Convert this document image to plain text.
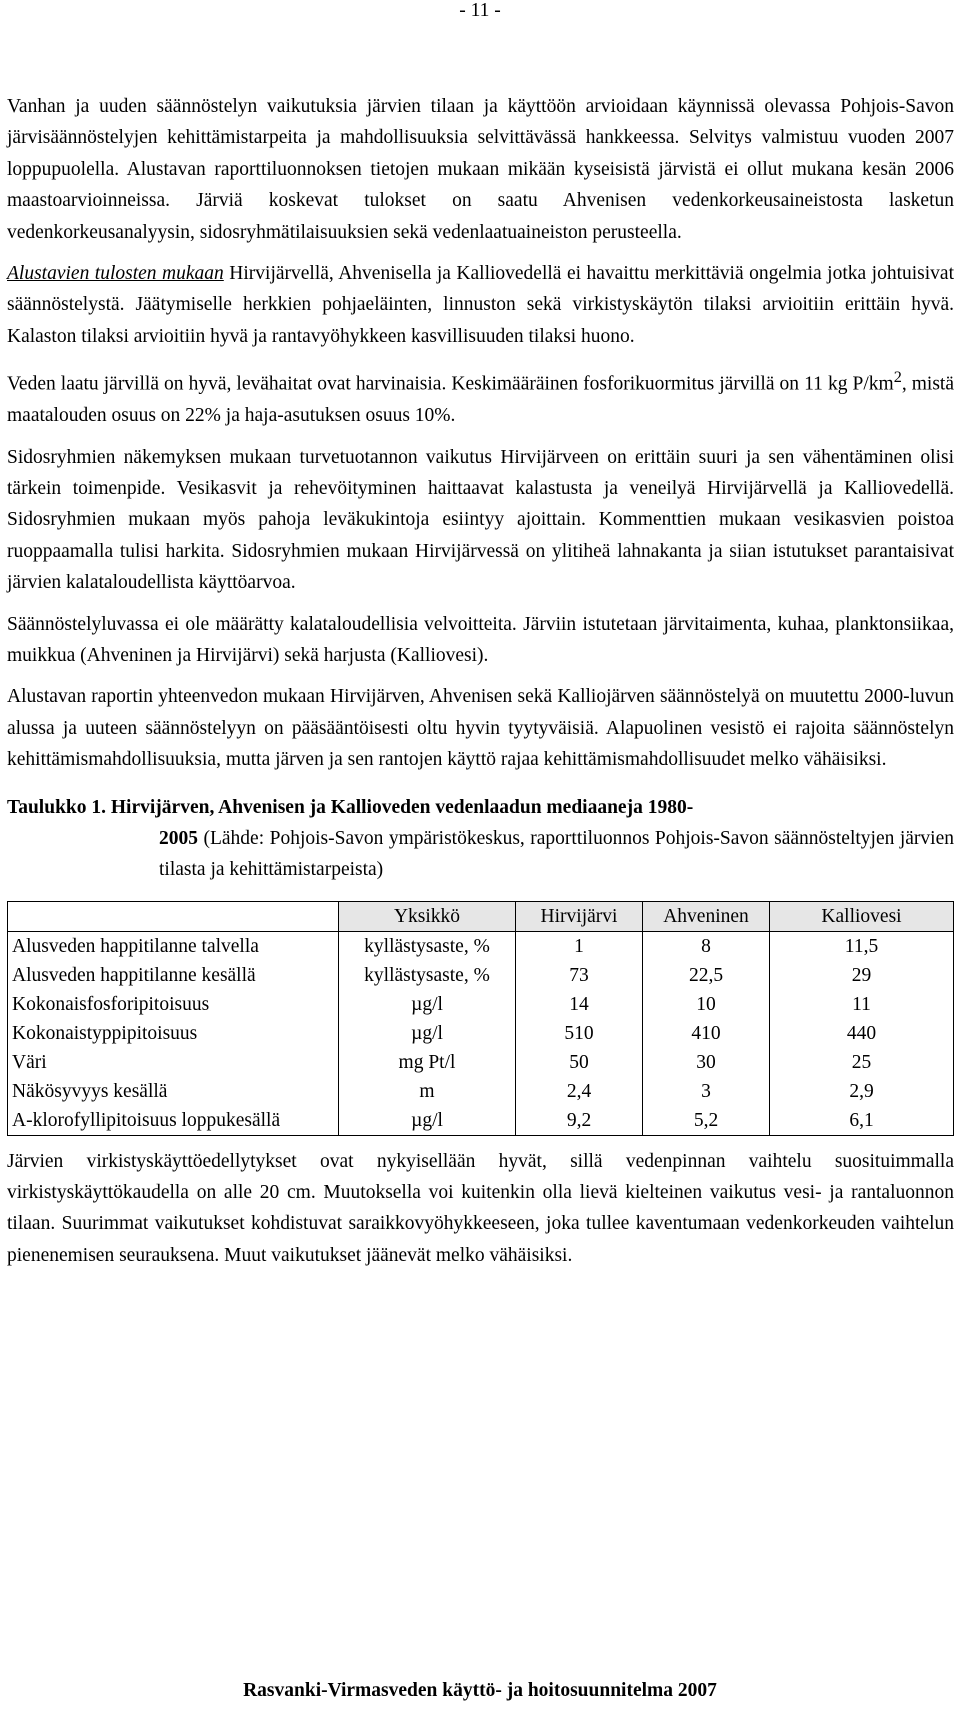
- 11 -

Vanhan ja uuden säännöstelyn vaikutuksia järvien tilaan ja käyttöön arvioidaan käynnissä olevassa Pohjois-Savon järvisäännöstelyjen kehittämistarpeita ja mahdollisuuksia selvittävässä hankkeessa. Selvitys valmistuu vuoden 2007 loppupuolella. Alustavan raporttiluonnoksen tietojen mukaan mikään kyseisistä järvistä ei ollut mukana kesän 2006 maastoarvioinneissa. Järviä koskevat tulokset on saatu Ahvenisen vedenkorkeusaineistosta lasketun vedenkorkeusanalyysin, sidosryhmätilaisuuksien sekä vedenlaatuaineiston perusteella.

Alustavien tulosten mukaan Hirvijärvellä, Ahvenisella ja Kalliovedellä ei havaittu merkittäviä ongelmia jotka johtuisivat säännöstelystä. Jäätymiselle herkkien pohjaeläinten, linnuston sekä virkistyskäytön tilaksi arvioitiin erittäin hyvä. Kalaston tilaksi arvioitiin hyvä ja rantavyöhykkeen kasvillisuuden tilaksi huono.

Veden laatu järvillä on hyvä, levähaitat ovat harvinaisia. Keskimääräinen fosforikuormitus järvillä on 11 kg $P/km^2$, mistä maatalouden osuus on 22% ja haja-asutuksen osuus 10%.

Sidosryhmien näkemyksen mukaan turvetuotannon vaikutus Hirvijärveen on erittäin suuri ja sen vähentäminen olisi tärkein toimenpide. Vesikasvit ja rehevöityminen haittaavat kalastusta ja veneilyä Hirvijärvellä ja Kalliovedellä. Sidosryhmien mukaan myös pahoja leväkukintoja esiintyy ajoittain. Kommenttien mukaan vesikasvien poistoa ruoppaamalla tulisi harkita. Sidosryhmien mukaan Hirvijärvessä on ylitiheä lahnakanta ja siian istutukset parantaisivat järvien kalataloudellista käyttöarvoa.

Säännöstelyluvassa ei ole määrätty kalataloudellisia velvoitteita. Järviin istutetaan järvitaimenta, kuhaa, planktonsiikaa, muikkua (Ahveninen ja Hirvijärvi) sekä harjusta (Kalliovesi).

Alustavan raportin yhteenvedon mukaan Hirvijärven, Ahvenisen sekä Kalliojärven säännöstelyä on muutettu 2000-luvun alussa ja uuteen säännöstelyyn on pääsääntöisesti oltu hyvin tyytyväisiä. Alapuolinen vesistö ei rajoita säännöstelyn kehittämismahdollisuuksia, mutta järven ja sen rantojen käyttö rajaa kehittämismahdollisuudet melko vähäisiksi.

Taulukko 1. Hirvijärven, Ahvenisen ja Kallioveden vedenlaadun mediaaneja 1980-
2005 (Lähde: Pohjois-Savon ympäristökeskus, raporttiluonnos Pohjois-Savon säännösteltyjen järvien tilasta ja kehittämistarpeista)
	Yksikkö	Hirvijärvi	Ahveninen	Kalliovesi
Alusveden happitilanne talvella	kyllästysaste, %	1	8	11,5
Alusveden happitilanne kesällä	kyllästysaste, %	73	22,5	29
Kokonaisfosforipitoisuus	µg/l	14	10	11
Kokonaistyppipitoisuus	µg/l	510	410	440
Väri	mg Pt/l	50	30	25
Näkösyvyys kesällä	m	2,4	3	2,9
A-klorofyllipitoisuus loppukesällä	µg/l	9,2	5,2	6,1

Järvien virkistyskäyttöedellytykset ovat nykyisellään hyvät, sillä vedenpinnan vaihtelu suosituimmalla virkistyskäyttökaudella on alle 20 cm. Muutoksella voi kuitenkin olla lievä kielteinen vaikutus vesi- ja rantaluonnon tilaan. Suurimmat vaikutukset kohdistuvat saraikkovyöhykkeeseen, joka tullee kaventumaan vedenkorkeuden vaihtelun pienenemisen seurauksena. Muut vaikutukset jäänevät melko vähäisiksi.

Rasvanki-Virmasveden käyttö- ja hoitosuunnitelma 2007
